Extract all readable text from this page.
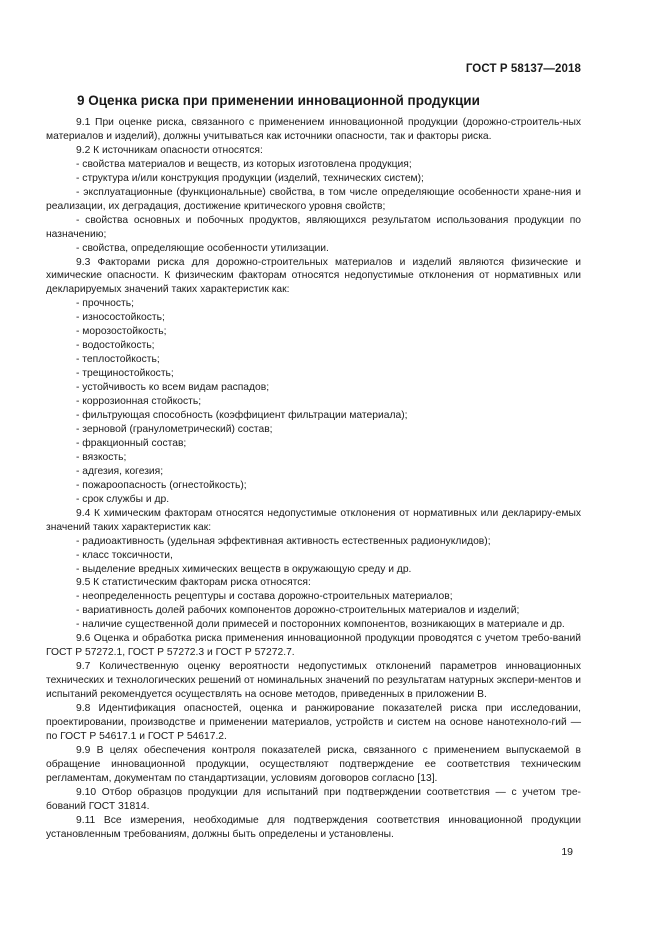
ГОСТ Р 58137—2018
9 Оценка риска при применении инновационной продукции

9.1 При оценке риска, связанного с применением инновационной продукции (дорожно-строитель-ных материалов и изделий), должны учитываться как источники опасности, так и факторы риска.

9.2 К источникам опасности относятся:

- свойства материалов и веществ, из которых изготовлена продукция;

- структура и/или конструкция продукции (изделий, технических систем);

- эксплуатационные (функциональные) свойства, в том числе определяющие особенности хране-ния и реализации, их деградация, достижение критического уровня свойств;

- свойства основных и побочных продуктов, являющихся результатом использования продукции по назначению;

- свойства, определяющие особенности утилизации.

9.3 Факторами риска для дорожно-строительных материалов и изделий являются физические и химические опасности. К физическим факторам относятся недопустимые отклонения от нормативных или декларируемых значений таких характеристик как:

- прочность;

- износостойкость;

- морозостойкость;

- водостойкость;

- теплостойкость;

- трещиностойкость;

- устойчивость ко всем видам распадов;

- коррозионная стойкость;

- фильтрующая способность (коэффициент фильтрации материала);

- зерновой (гранулометрический) состав;

- фракционный состав;

- вязкость;

- адгезия, когезия;

- пожароопасность (огнестойкость);

- срок службы и др.

9.4 К химическим факторам относятся недопустимые отклонения от нормативных или деклариру-емых значений таких характеристик как:

- радиоактивность (удельная эффективная активность естественных радионуклидов);

- класс токсичности,

- выделение вредных химических веществ в окружающую среду и др.

9.5 К статистическим факторам риска относятся:

- неопределенность рецептуры и состава дорожно-строительных материалов;

- вариативность долей рабочих компонентов дорожно-строительных материалов и изделий;

- наличие существенной доли примесей и посторонних компонентов, возникающих в материале и др.

9.6 Оценка и обработка риска применения инновационной продукции проводятся с учетом требо-ваний ГОСТ Р 57272.1, ГОСТ Р 57272.3 и ГОСТ Р 57272.7.

9.7 Количественную оценку вероятности недопустимых отклонений параметров инновационных технических и технологических решений от номинальных значений по результатам натурных экспери-ментов и испытаний рекомендуется осуществлять на основе методов, приведенных в приложении В.

9.8 Идентификация опасностей, оценка и ранжирование показателей риска при исследовании, проектировании, производстве и применении материалов, устройств и систем на основе нанотехноло-гий — по ГОСТ Р 54617.1 и ГОСТ Р 54617.2.

9.9 В целях обеспечения контроля показателей риска, связанного с применением выпускаемой в обращение инновационной продукции, осуществляют подтверждение ее соответствия техническим регламентам, документам по стандартизации, условиям договоров согласно [13].

9.10 Отбор образцов продукции для испытаний при подтверждении соответствия — с учетом тре-бований ГОСТ 31814.

9.11 Все измерения, необходимые для подтверждения соответствия инновационной продукции установленным требованиям, должны быть определены и установлены.

19
